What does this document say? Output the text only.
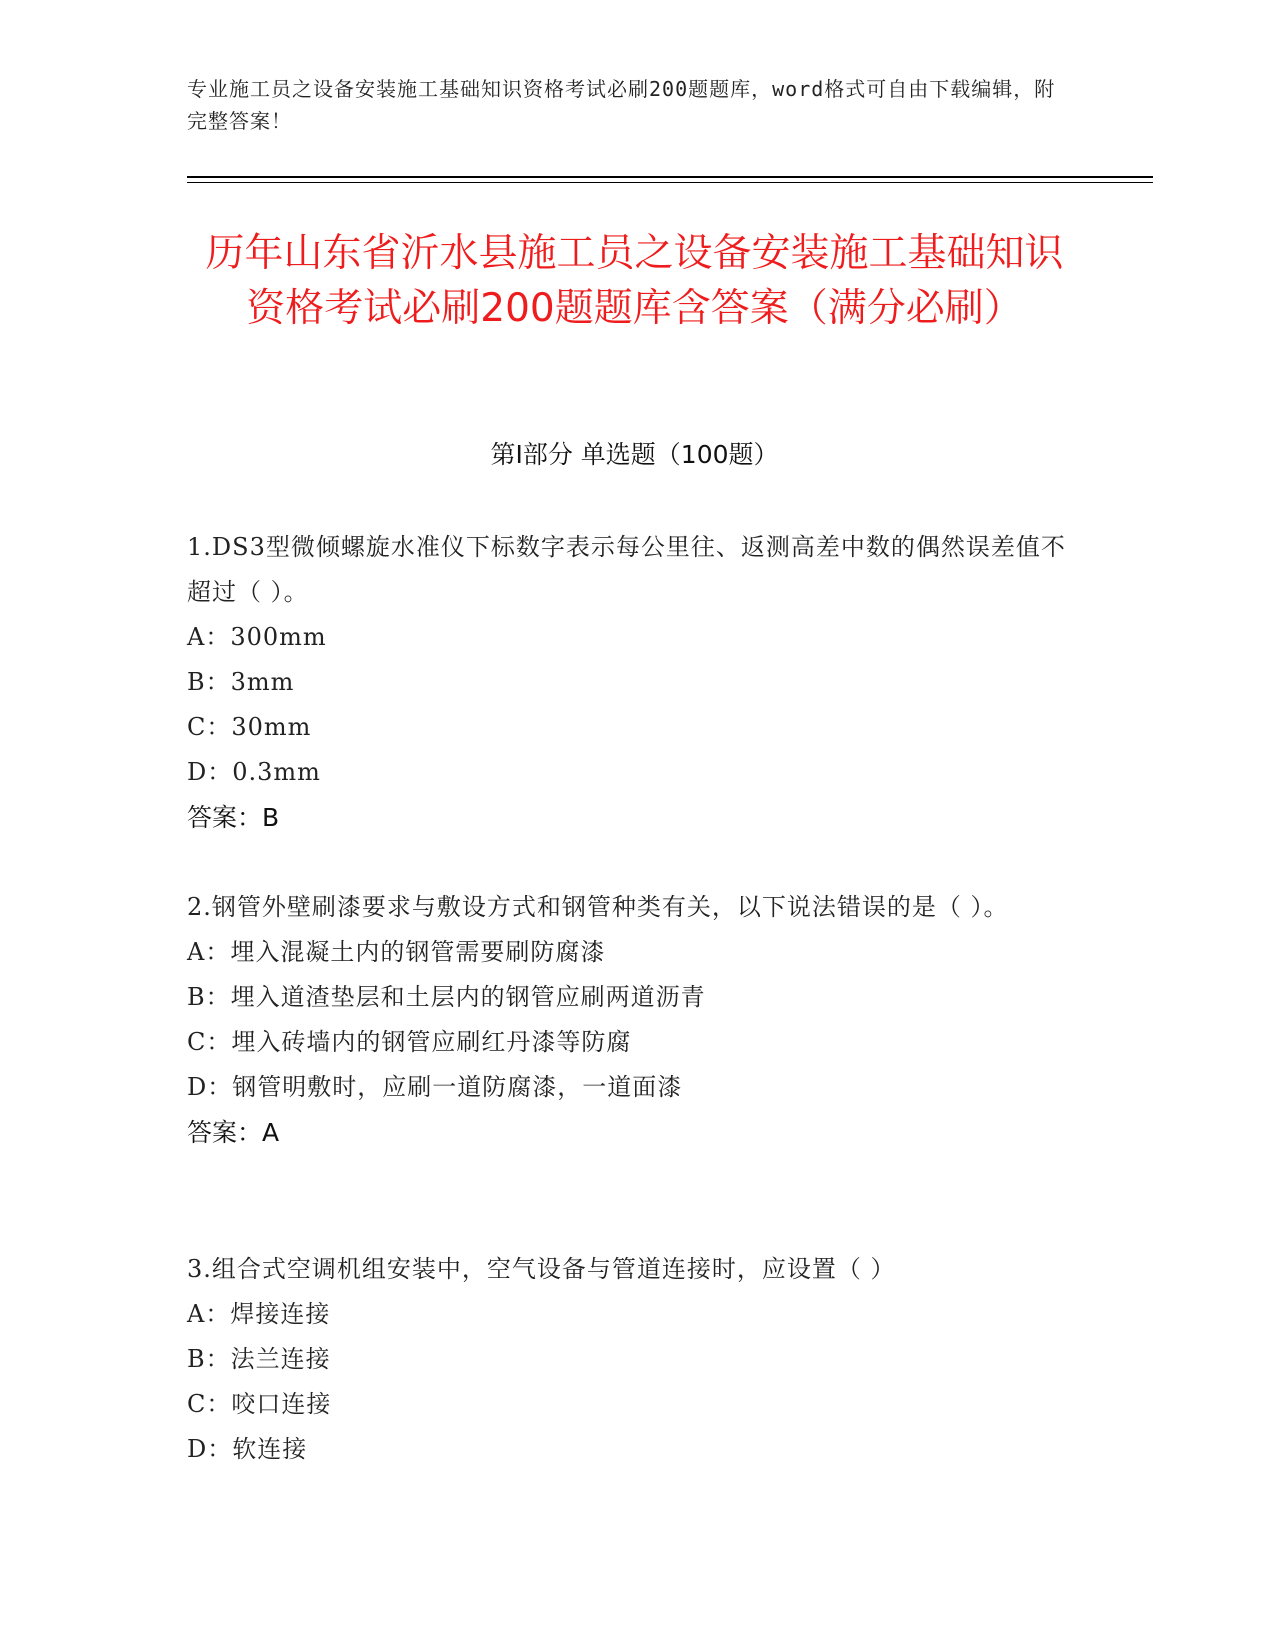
专业施工员之设备安装施工基础知识资格考试必刷200题题库，word格式可自由下载编辑，附完整答案！
历年山东省沂水县施工员之设备安装施工基础知识资格考试必刷200题题库含答案（满分必刷）
第Ⅰ部分 单选题（100题）
1.DS3型微倾螺旋水准仪下标数字表示每公里往、返测高差中数的偶然误差值不超过（ ）。
A：300mm
B：3mm
C：30mm
D：0.3mm
答案：B
2.钢管外壁刷漆要求与敷设方式和钢管种类有关，以下说法错误的是（ ）。
A：埋入混凝土内的钢管需要刷防腐漆
B：埋入道渣垫层和土层内的钢管应刷两道沥青
C：埋入砖墙内的钢管应刷红丹漆等防腐
D：钢管明敷时，应刷一道防腐漆，一道面漆
答案：A
3.组合式空调机组安装中，空气设备与管道连接时，应设置（ ）
A：焊接连接
B：法兰连接
C：咬口连接
D：软连接
